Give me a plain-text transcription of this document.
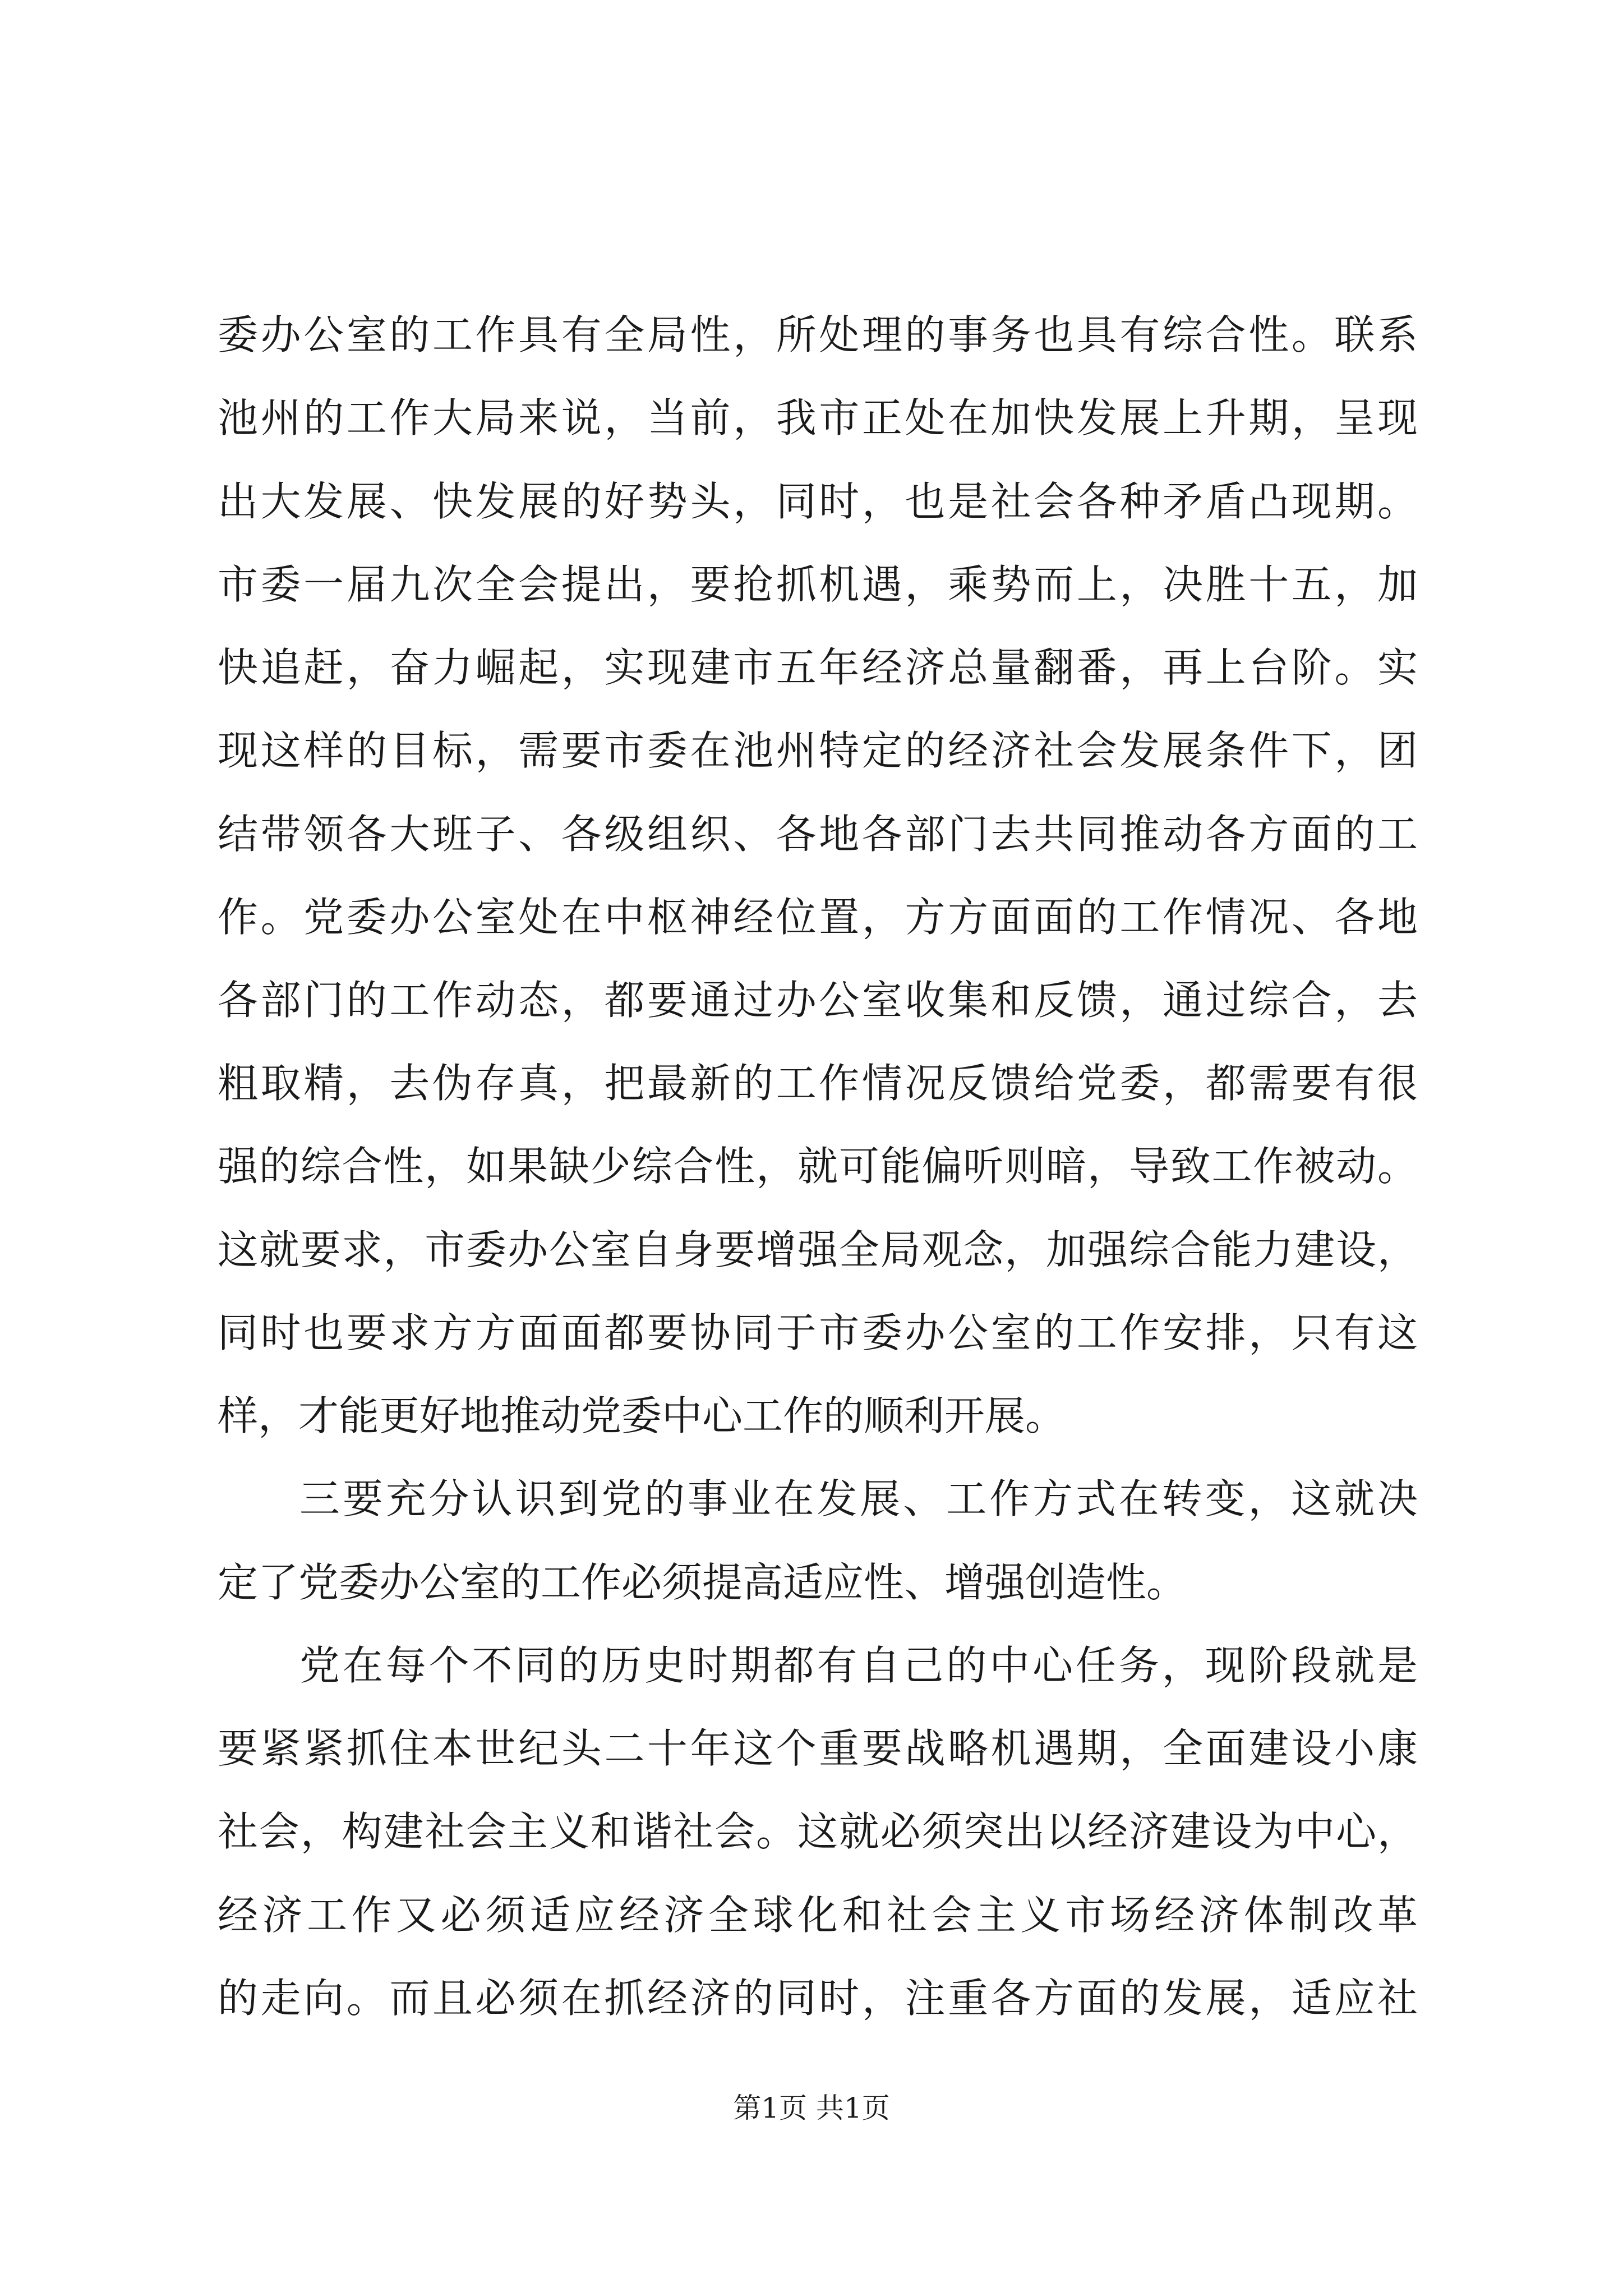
委办公室的工作具有全局性，所处理的事务也具有综合性。联系
池州的工作大局来说，当前，我市正处在加快发展上升期，呈现
出大发展、快发展的好势头，同时，也是社会各种矛盾凸现期。
市委一届九次全会提出，要抢抓机遇，乘势而上，决胜十五，加
快追赶，奋力崛起，实现建市五年经济总量翻番，再上台阶。实
现这样的目标，需要市委在池州特定的经济社会发展条件下，团
结带领各大班子、各级组织、各地各部门去共同推动各方面的工
作。党委办公室处在中枢神经位置，方方面面的工作情况、各地
各部门的工作动态，都要通过办公室收集和反馈，通过综合，去
粗取精，去伪存真，把最新的工作情况反馈给党委，都需要有很
强的综合性，如果缺少综合性，就可能偏听则暗，导致工作被动。
这就要求，市委办公室自身要增强全局观念，加强综合能力建设，
同时也要求方方面面都要协同于市委办公室的工作安排，只有这
样，才能更好地推动党委中心工作的顺利开展。
三要充分认识到党的事业在发展、工作方式在转变，这就决
定了党委办公室的工作必须提高适应性、增强创造性。
党在每个不同的历史时期都有自己的中心任务，现阶段就是
要紧紧抓住本世纪头二十年这个重要战略机遇期，全面建设小康
社会，构建社会主义和谐社会。这就必须突出以经济建设为中心，
经济工作又必须适应经济全球化和社会主义市场经济体制改革
的走向。而且必须在抓经济的同时，注重各方面的发展，适应社
第1页 共1页
